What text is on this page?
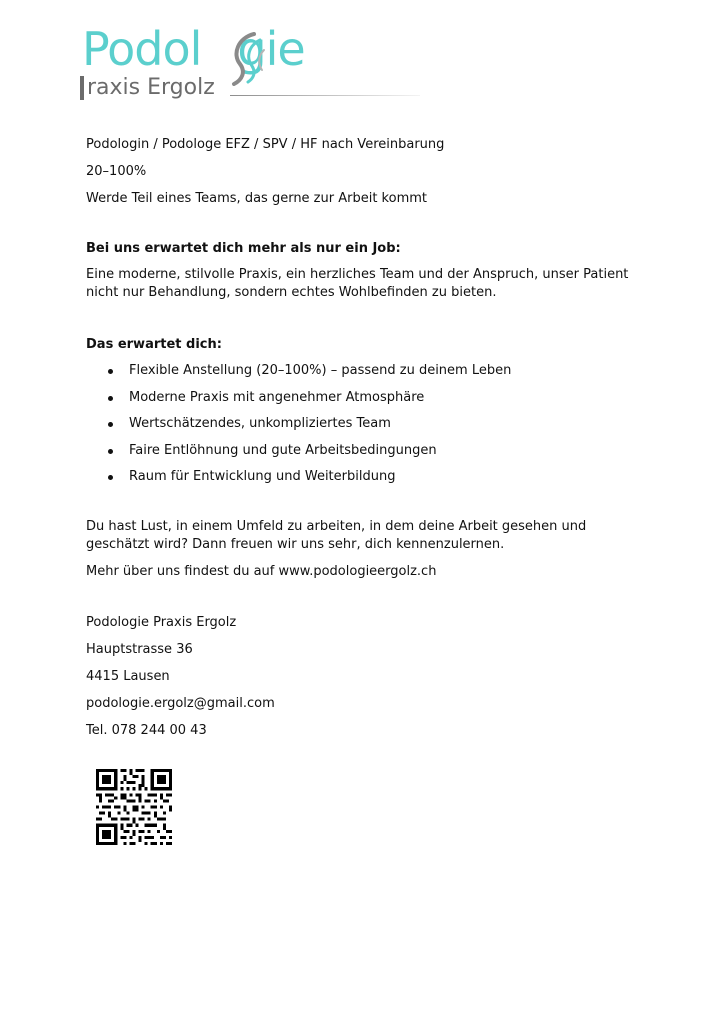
Podol gie
raxis Ergolz

Podologin / Podologe EFZ / SPV / HF nach Vereinbarung

20–100%

Werde Teil eines Teams, das gerne zur Arbeit kommt

Bei uns erwartet dich mehr als nur ein Job:

Eine moderne, stilvolle Praxis, ein herzliches Team und der Anspruch, unser Patient nicht nur Behandlung, sondern echtes Wohlbefinden zu bieten.

Das erwartet dich:

Flexible Anstellung (20–100%) – passend zu deinem Leben
Moderne Praxis mit angenehmer Atmosphäre
Wertschätzendes, unkompliziertes Team
Faire Entlöhnung und gute Arbeitsbedingungen
Raum für Entwicklung und Weiterbildung

Du hast Lust, in einem Umfeld zu arbeiten, in dem deine Arbeit gesehen und geschätzt wird? Dann freuen wir uns sehr, dich kennenzulernen.

Mehr über uns findest du auf www.podologieergolz.ch

Podologie Praxis Ergolz

Hauptstrasse 36

4415 Lausen

podologie.ergolz@gmail.com

Tel. 078 244 00 43
